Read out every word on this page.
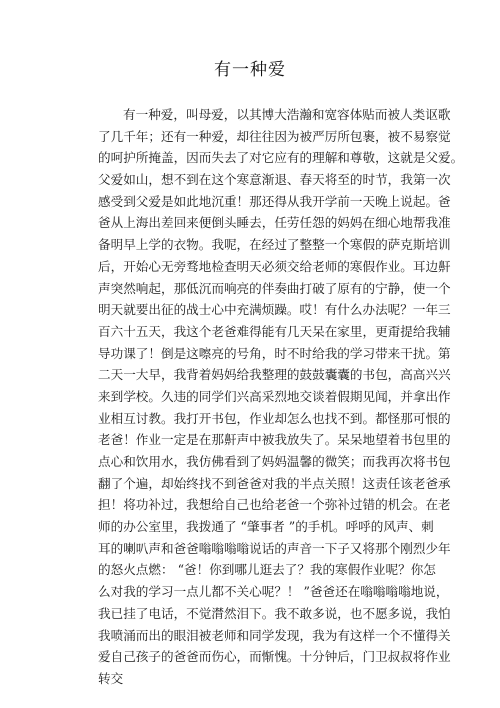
有一种爱
有一种爱，叫母爱，以其博大浩瀚和宽容体贴而被人类讴歌
了几千年；还有一种爱，却往往因为被严厉所包裹，被不易察觉
的呵护所掩盖，因而失去了对它应有的理解和尊敬，这就是父爱。
父爱如山，想不到在这个寒意渐退、春天将至的时节，我第一次
感受到父爱是如此地沉重！那还得从我开学前一天晚上说起。爸
爸从上海出差回来便倒头睡去，任劳任怨的妈妈在细心地帮我准
备明早上学的衣物。我呢，在经过了整整一个寒假的萨克斯培训
后，开始心无旁骛地检查明天必须交给老师的寒假作业。耳边鼾
声突然响起，那低沉而响亮的伴奏曲打破了原有的宁静，使一个
明天就要出征的战士心中充满烦躁。哎！有什么办法呢？一年三
百六十五天，我这个老爸难得能有几天呆在家里，更甭提给我辅
导功课了！倒是这嚓亮的号角，时不时给我的学习带来干扰。第
二天一大早，我背着妈妈给我整理的鼓鼓囊囊的书包，高高兴兴
来到学校。久违的同学们兴高采烈地交谈着假期见闻，并拿出作
业相互讨教。我打开书包，作业却怎么也找不到。都怪那可恨的
老爸！作业一定是在那鼾声中被我放失了。呆呆地望着书包里的
点心和饮用水，我仿佛看到了妈妈温馨的微笑；而我再次将书包
翻了个遍，却始终找不到爸爸对我的半点关照！这责任该老爸承
担！将功补过，我想给自己也给老爸一个弥补过错的机会。在老
师的办公室里，我拨通了 “肇事者 ”的手机。呼呼的风声、刺
耳的喇叭声和爸爸嗡嗡嗡嗡说话的声音一下子又将那个刚烈少年
的怒火点燃： “爸！你到哪儿逛去了？我的寒假作业呢？你怎
么对我的学习一点儿都不关心呢？！ ”爸爸还在嗡嗡嗡嗡地说，
我已挂了电话，不觉潸然泪下。我不敢多说，也不愿多说，我怕
我喷涌而出的眼泪被老师和同学发现，我为有这样一个不懂得关
爱自己孩子的爸爸而伤心，而惭愧。十分钟后，门卫叔叔将作业
转交
